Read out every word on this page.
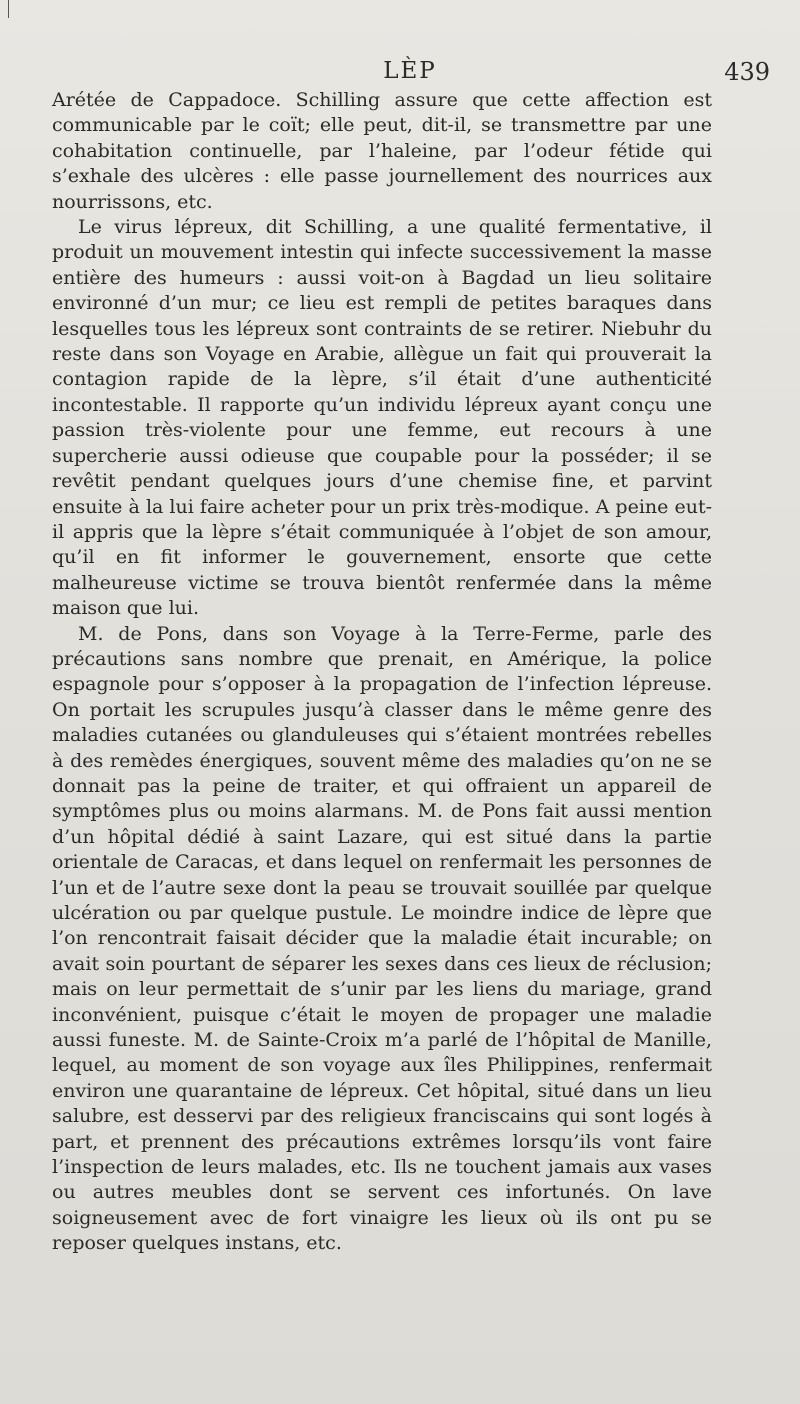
LÈP	439

Arétée de Cappadoce. Schilling assure que cette affection est communicable par le coït; elle peut, dit-il, se transmettre par une cohabitation continuelle, par l’haleine, par l’odeur fétide qui s’exhale des ulcères : elle passe journellement des nourrices aux nourrissons, etc.

Le virus lépreux, dit Schilling, a une qualité fermentative, il produit un mouvement intestin qui infecte successivement la masse entière des humeurs : aussi voit-on à Bagdad un lieu solitaire environné d’un mur; ce lieu est rempli de petites baraques dans lesquelles tous les lépreux sont contraints de se retirer. Niebuhr du reste dans son Voyage en Arabie, allègue un fait qui prouverait la contagion rapide de la lèpre, s’il était d’une authenticité incontestable. Il rapporte qu’un individu lépreux ayant conçu une passion très-violente pour une femme, eut recours à une supercherie aussi odieuse que coupable pour la posséder; il se revêtit pendant quelques jours d’une chemise fine, et parvint ensuite à la lui faire acheter pour un prix très-modique. A peine eut-il appris que la lèpre s’était communiquée à l’objet de son amour, qu’il en fit informer le gouvernement, ensorte que cette malheureuse victime se trouva bientôt renfermée dans la même maison que lui.

M. de Pons, dans son Voyage à la Terre-Ferme, parle des précautions sans nombre que prenait, en Amérique, la police espagnole pour s’opposer à la propagation de l’infection lépreuse. On portait les scrupules jusqu’à classer dans le même genre des maladies cutanées ou glanduleuses qui s’étaient montrées rebelles à des remèdes énergiques, souvent même des maladies qu’on ne se donnait pas la peine de traiter, et qui offraient un appareil de symptômes plus ou moins alarmans. M. de Pons fait aussi mention d’un hôpital dédié à saint Lazare, qui est situé dans la partie orientale de Caracas, et dans lequel on renfermait les personnes de l’un et de l’autre sexe dont la peau se trouvait souillée par quelque ulcération ou par quelque pustule. Le moindre indice de lèpre que l’on rencontrait faisait décider que la maladie était incurable; on avait soin pourtant de séparer les sexes dans ces lieux de réclusion; mais on leur permettait de s’unir par les liens du mariage, grand inconvénient, puisque c’était le moyen de propager une maladie aussi funeste. M. de Sainte-Croix m’a parlé de l’hôpital de Manille, lequel, au moment de son voyage aux îles Philippines, renfermait environ une quarantaine de lépreux. Cet hôpital, situé dans un lieu salubre, est desservi par des religieux franciscains qui sont logés à part, et prennent des précautions extrêmes lorsqu’ils vont faire l’inspection de leurs malades, etc. Ils ne touchent jamais aux vases ou autres meubles dont se servent ces infortunés. On lave soigneusement avec de fort vinaigre les lieux où ils ont pu se reposer quelques instans, etc.
